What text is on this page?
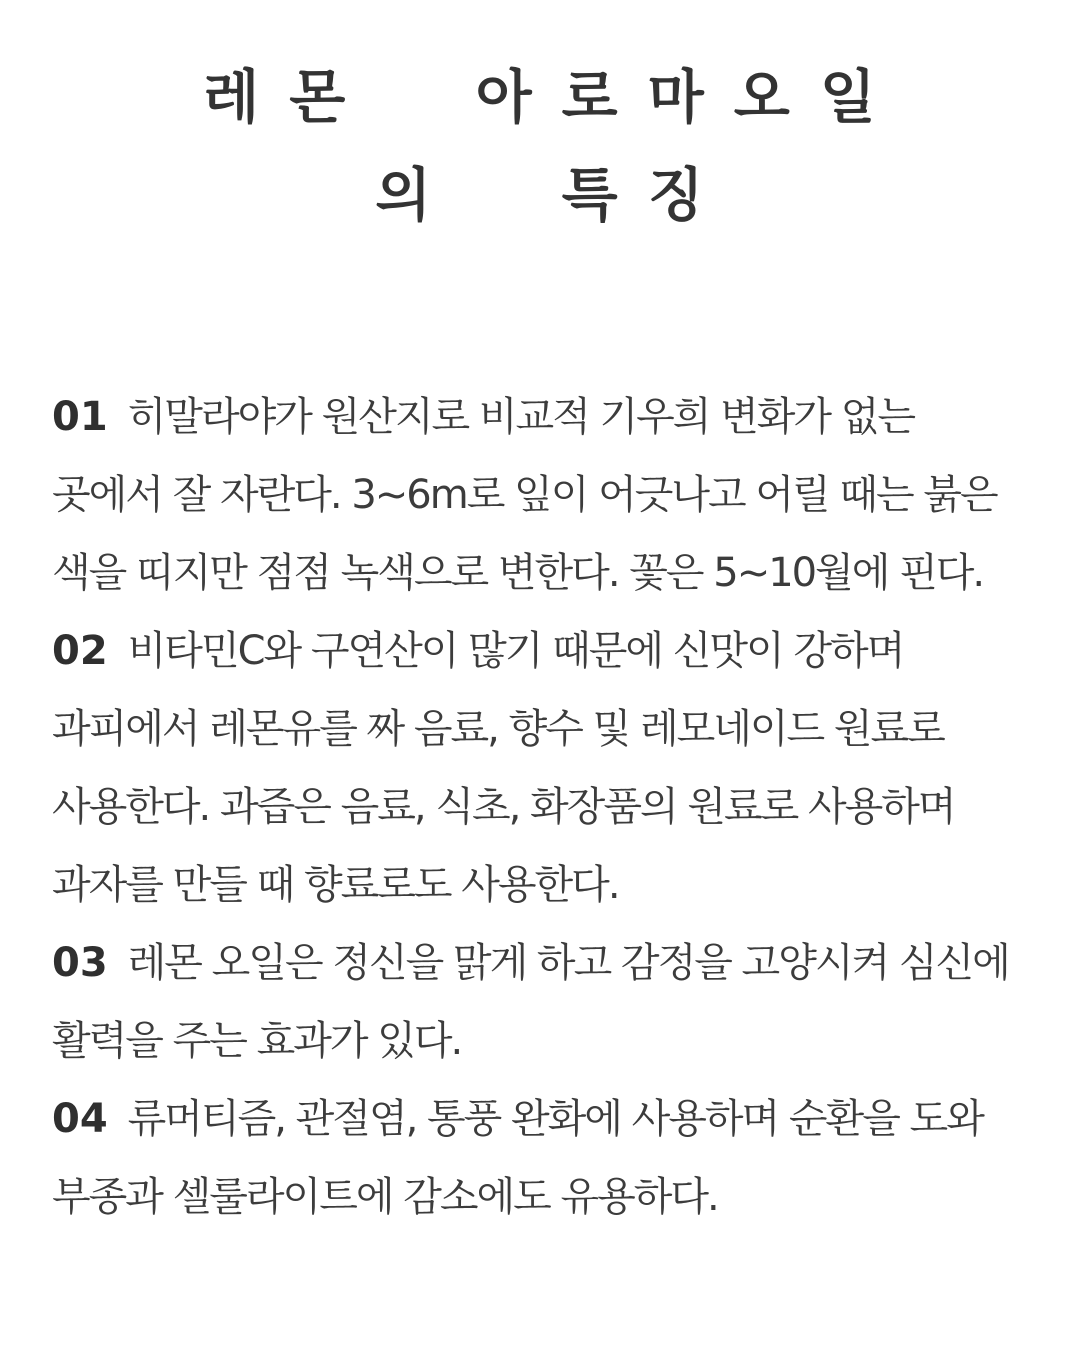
레몬  아로마오일

의  특징

01 히말라야가 원산지로 비교적 기우희 변화가 없는 곳에서 잘 자란다. 3~6m로 잎이 어긋나고 어릴 때는 붉은 색을 띠지만 점점 녹색으로 변한다. 꽃은 5~10월에 핀다.

02 비타민C와 구연산이 많기 때문에 신맛이 강하며 과피에서 레몬유를 짜 음료, 향수 및 레모네이드 원료로 사용한다. 과즙은 음료, 식초, 화장품의 원료로 사용하며 과자를 만들 때 향료로도 사용한다.

03 레몬 오일은 정신을 맑게 하고 감정을 고양시켜 심신에 활력을 주는 효과가 있다.

04 류머티즘, 관절염, 통풍 완화에 사용하며 순환을 도와 부종과 셀룰라이트에 감소에도 유용하다.
